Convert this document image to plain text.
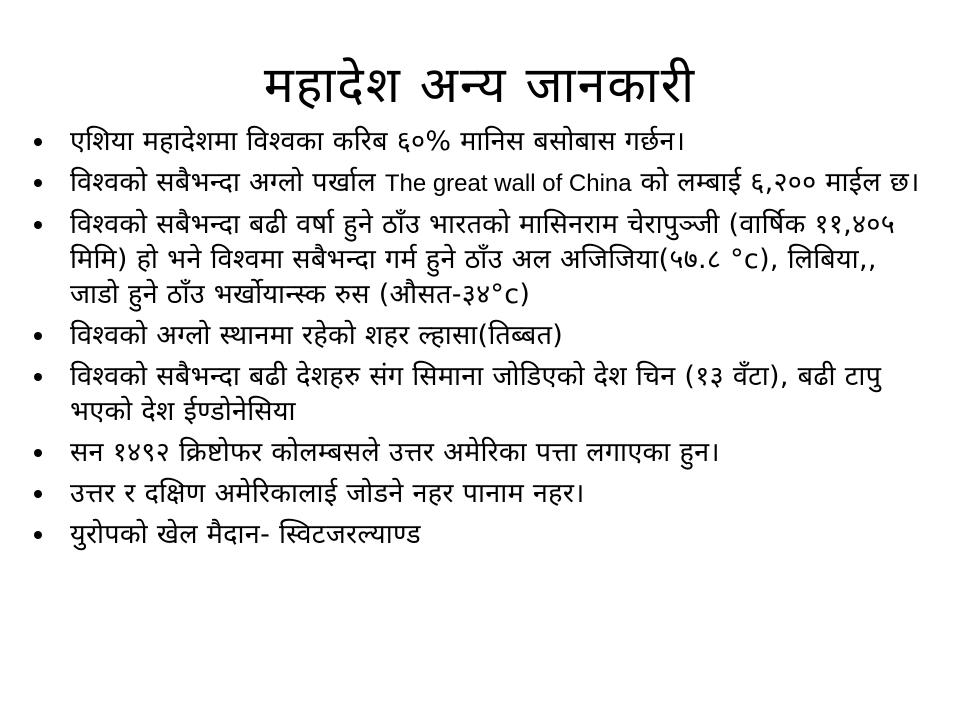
महादेश अन्य जानकारी
एशिया महादेशमा विश्वका करिब ६०% मानिस बसोबास गर्छन।
विश्वको सबैभन्दा अग्लो पर्खाल The great wall of China को लम्बाई ६,२०० माईल छ।
विश्वको सबैभन्दा बढी वर्षा हुने ठाँउ भारतको मासिनराम चेरापुञ्जी (वार्षिक ११,४०५ मिमि) हो भने विश्वमा सबैभन्दा गर्म हुने ठाँउ अल अजिजिया(५७.८ °c), लिबिया,, जाडो हुने ठाँउ भर्खोयान्स्क रुस (औसत-३४°c)
विश्वको अग्लो स्थानमा रहेको शहर ल्हासा(तिब्बत)
विश्वको सबैभन्दा बढी देशहरु संग सिमाना जोडिएको देश चिन (१३ वँटा), बढी टापु भएको देश ईण्डोनेसिया
सन १४९२ क्रिष्टोफर कोलम्बसले उत्तर अमेरिका पत्ता लगाएका हुन।
उत्तर र दक्षिण अमेरिकालाई जोडने नहर पानाम नहर।
युरोपको खेल मैदान- स्विटजरल्याण्ड
